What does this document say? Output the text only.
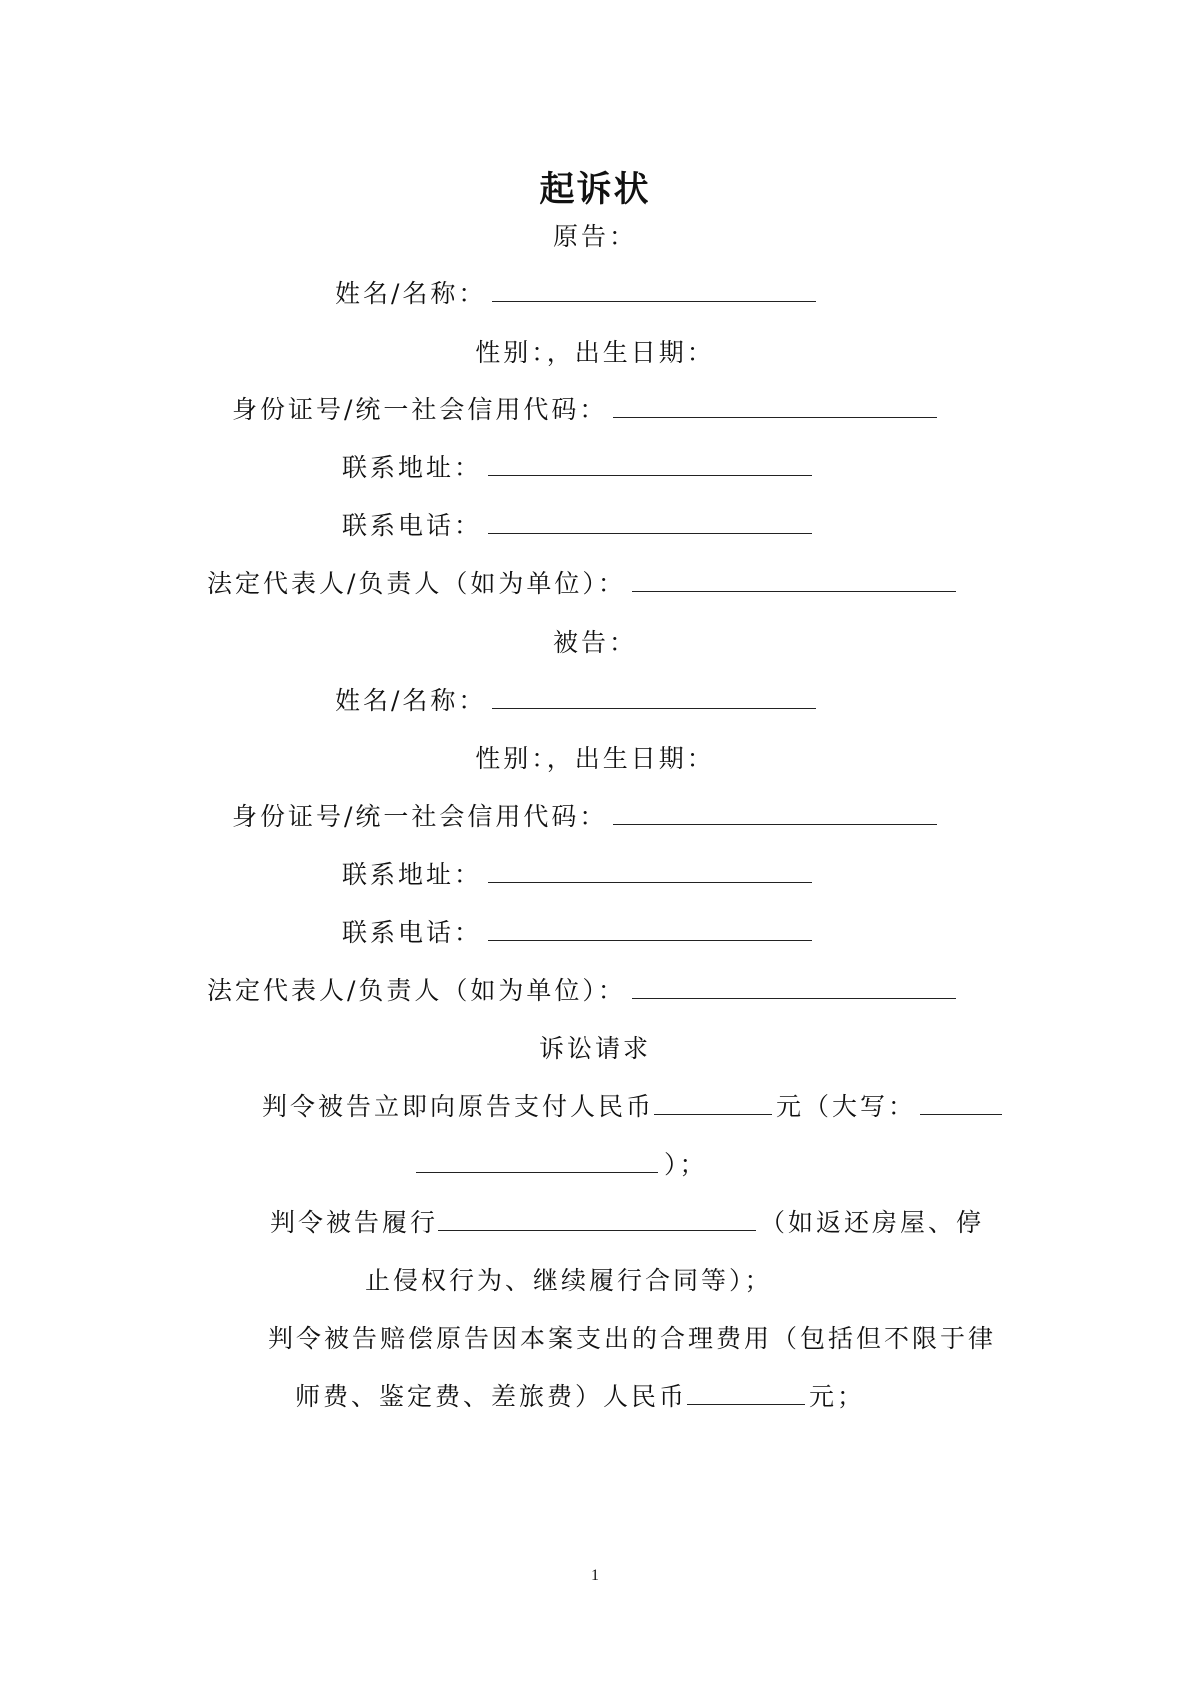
起诉状
原告：
姓名/名称：
性别：，出生日期：
身份证号/统一社会信用代码：
联系地址：
联系电话：
法定代表人/负责人（如为单位）：
被告：
姓名/名称：
性别：，出生日期：
身份证号/统一社会信用代码：
联系地址：
联系电话：
法定代表人/负责人（如为单位）：
诉讼请求
判令被告立即向原告支付人民币	元（大写：
）；
判令被告履行	（如返还房屋、停
止侵权行为、继续履行合同等）；
判令被告赔偿原告因本案支出的合理费用（包括但不限于律
师费、鉴定费、差旅费）人民币	元；
1
